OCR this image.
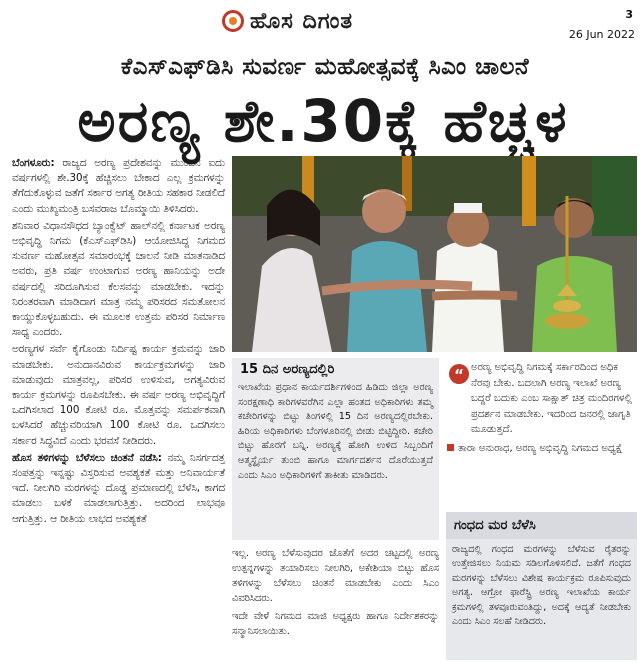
ಹೊಸ ದಿಗಂತ	3
26 Jun 2022
ಕೆಎಸ್‌ಎಫ್‌ಡಿಸಿ ಸುವರ್ಣ ಮಹೋತ್ಸವಕ್ಕೆ ಸಿಎಂ ಚಾಲನೆ
ಅರಣ್ಯ ಶೇ.30ಕ್ಕೆ ಹೆಚ್ಚಳ

ಬೆಂಗಳೂರು: ರಾಜ್ಯದ ಅರಣ್ಯ ಪ್ರದೇಶವನ್ನು ಮುಂದಿನ ಐದು ವರ್ಷಗಳಲ್ಲಿ ಶೇ.30ಕ್ಕೆ ಹೆಚ್ಚಿಸಲು ಬೇಕಾದ ಎಲ್ಲ ಕ್ರಮಗಳನ್ನು ತೆಗೆದುಕೊಳ್ಳುವ ಜತೆಗೆ ಸರ್ಕಾರ ಅಗತ್ಯ ರೀತಿಯ ಸಹಕಾರ ನೀಡಲಿದೆ ಎಂದು ಮುಖ್ಯಮಂತ್ರಿ ಬಸವರಾಜ ಬೊಮ್ಮಾಯಿ ತಿಳಿಸಿದರು.

ಶನಿವಾರ ವಿಧಾನಸೌಧದ ಬ್ಯಾಂಕ್ವೆಟ್ ಹಾಲ್‌ನಲ್ಲಿ ಕರ್ನಾಟಕ ಅರಣ್ಯ ಅಭಿವೃದ್ಧಿ ನಿಗಮ (ಕೆಎಸ್‌ಎಫ್‌ಡಿಸಿ) ಆಯೋಜಿಸಿದ್ದ ನಿಗಮದ ಸುವರ್ಣ ಮಹೋತ್ಸವ ಸಮಾರಂಭಕ್ಕೆ ಚಾಲನೆ ನೀಡಿ ಮಾತನಾಡಿದ ಅವರು, ಪ್ರತಿ ವರ್ಷ ಉಂಟಾಗುವ ಅರಣ್ಯ ಹಾನಿಯನ್ನು ಅದೇ ವರ್ಷದಲ್ಲಿ ಸರಿದೂಗಿಸುವ ಕೆಲಸವನ್ನು ಮಾಡಬೇಕು. ಇದನ್ನು ನಿರಂತರವಾಗಿ ಮಾಡಿದಾಗ ಮಾತ್ರ ನಮ್ಮ ಪರಿಸರದ ಸಮತೋಲನ ಕಾಯ್ದುಕೊಳ್ಳಬಹುದು. ಈ ಮೂಲಕ ಉತ್ತಮ ಪರಿಸರ ನಿರ್ಮಾಣ ಸಾಧ್ಯ ಎಂದರು.

ಅರಣ್ಯಗಳ ಸರ್ವೆ ಕೈಗೊಂಡು ನಿರ್ದಿಷ್ಟ ಕಾರ್ಯ ಕ್ರಮವನ್ನು ಜಾರಿ ಮಾಡಬೇಕು. ಅನುದಾನವಿರುವ ಕಾರ್ಯಕ್ರಮಗಳನ್ನು ಜಾರಿ ಮಾಡುವುದು ಮಾತ್ರವಲ್ಲ, ಪರಿಸರ ಉಳಿಸುವ, ಅಗತ್ಯವಿರುವ ಕಾರ್ಯ ಕ್ರಮಗಳನ್ನು ರೂಪಿಸಬೇಕು. ಈ ವರ್ಷ ಅರಣ್ಯ ಅಭಿವೃದ್ಧಿಗೆ ಒದಗಿಸಲಾದ 100 ಕೋಟಿ ರೂ. ಮೊತ್ತವನ್ನು ಸಮರ್ಪಕವಾಗಿ ಬಳಸಿದರೆ ಹೆಚ್ಚುವರಿಯಾಗಿ 100 ಕೋಟಿ ರೂ. ಒದಗಿಸಲು ಸರ್ಕಾರ ಸಿದ್ಧವಿದೆ ಎಂದು ಭರವಸೆ ನೀಡಿದರು.

ಹೊಸ ತಳಿಗಳನ್ನು ಬೆಳೆಸಲು ಚಿಂತನೆ ನಡೆಸಿ: ನಮ್ಮ ನಿಸರ್ಗದತ್ತ ಸಂಪತ್ತನ್ನು ಇನ್ನಷ್ಟು ವಿಸ್ತರಿಸುವ ಅವಶ್ಯಕತೆ ಮತ್ತು ಅನಿವಾರ್ಯತೆ ಇದೆ. ನೀಲಗಿರಿ ಮರಗಳನ್ನು ದೊಡ್ಡ ಪ್ರಮಾಣದಲ್ಲಿ ಬೆಳೆಸಿ, ಕಾಗದ ಮಾಡಲು ಬಳಕೆ ಮಾಡಲಾಗುತ್ತಿತ್ತು. ಅದರಿಂದ ಲಾಭವೂ ಆಗುತ್ತಿತ್ತು. ಆ ರೀತಿಯ ಲಾಭದ ಅವಶ್ಯಕತೆ

15 ದಿನ ಅರಣ್ಯದಲ್ಲಿರಿ
ಇಲಾಖೆಯ ಪ್ರಧಾನ ಕಾರ್ಯದರ್ಶಿಗಳಿಂದ ಹಿಡಿದು ಜಿಲ್ಲಾ ಅರಣ್ಯ ಸಂರಕ್ಷಣಾಧಿ ಕಾರಿಗಳವರೆಗಿನ ಎಲ್ಲಾ ಹಂತದ ಅಧಿಕಾರಿಗಳು ತಮ್ಮ ಕಚೇರಿಗಳನ್ನು ಬಿಟ್ಟು ತಿಂಗಳಲ್ಲಿ 15 ದಿನ ಅರಣ್ಯದಲ್ಲಿರಬೇಕು. ಹಿರಿಯ ಅಧಿಕಾರಿಗಳು ಬೆಂಗಳೂರಿನಲ್ಲಿ ಬೀಡು ಬಿಟ್ಟಿದ್ದೀರಿ. ಕಚೇರಿ ಬಿಟ್ಟು ಹೊರಗೆ ಬನ್ನಿ. ಅರಣ್ಯಕ್ಕೆ ಹೋಗಿ ಉಳಿದ ಸಿಬ್ಬಂದಿಗೆ ಆತ್ಮಸ್ಥೈರ್ಯ ತುಂಬಿ ಹಾಗೂ ಮಾರ್ಗದರ್ಶನ ದೊರೆಯುತ್ತದೆ ಎಂದು ಸಿಎಂ ಅಧಿಕಾರಿಗಳಿಗೆ ತಾಕೀತು ಮಾಡಿದರು.
“ ಅರಣ್ಯ ಅಭಿವೃದ್ಧಿ ನಿಗಮಕ್ಕೆ ಸರ್ಕಾರದಿಂದ ಅಧಿಕ ನೆರವು ಬೇಕು. ಬದಲಾಗಿ ಅರಣ್ಯ ಇಲಾಖೆ ಅರಣ್ಯ ಬದ್ದರೆ ಬದುಕು ಎಂಬ ಸಾಕ್ಷಾತ್ ಚಿತ್ರ ಮಂದಿರಗಳಲ್ಲಿ ಪ್ರದರ್ಶನ ಮಾಡಬೇಕು. ಇದರಿಂದ ಜನರಲ್ಲಿ ಜಾಗೃತಿ ಮೂಡುತ್ತದೆ.
ತಾರಾ ಅನುರಾಧ, ಅರಣ್ಯ ಅಭಿವೃದ್ಧಿ ನಿಗಮದ ಅಧ್ಯಕ್ಷೆ

ಇಲ್ಲ. ಅರಣ್ಯ ಬೆಳೆಸುವುದರ ಜೊತೆಗೆ ಅದರ ಚಟ್ಟದಲ್ಲಿ ಅರಣ್ಯ ಉತ್ಪನ್ನಗಳನ್ನು ತಯಾರಿಸಲು ನೀಲಗಿರಿ, ಅಕೇಶಿಯಾ ಬಿಟ್ಟು ಹೊಸ ತಳಿಗಳನ್ನು ಬೆಳೆಸಲು ಚಿಂತನೆ ಮಾಡಬೇಕು ಎಂದು ಸಿಎಂ ವಿವರಿಸಿದರು.

ಇದೇ ವೇಳೆ ನಿಗಮದ ಮಾಜಿ ಅಧ್ಯಕ್ಷರು ಹಾಗೂ ನಿರ್ದೇಶಕರನ್ನು ಸನ್ಮಾನಿಸಲಾಯಿತು.

ಗಂಧದ ಮರ ಬೆಳೆಸಿ
ರಾಜ್ಯದಲ್ಲಿ ಗಂಧದ ಮರಗಳನ್ನು ಬೆಳೆಸುವ ರೈತರನ್ನು ಉತ್ತೇಜಿಸಲು ನಿಯಮ ಸಡಿಲಗೊಳಿಸಲಿದೆ. ಜತೆಗೆ ಗಂಧದ ಮರಗಳನ್ನು ಬೆಳೆಸಲು ವಿಶೇಷ ಕಾರ್ಯಕ್ರಮ ರೂಪಿಸುವುದು ಅಗತ್ಯ. ಆಗ್ರೋ ಫಾರೆಸ್ಟ್ರಿ ಅರಣ್ಯ ಇಲಾಖೆಯ ಕಾರ್ಯ ಕ್ರಮಗಳಲ್ಲಿ ತಳವೂರುವಂತಿದ್ದು, ಅದಕ್ಕೆ ಆದ್ಯತೆ ನೀಡಬೇಕು ಎಂದು ಸಿಎಂ ಸಲಹೆ ನೀಡಿದರು.
